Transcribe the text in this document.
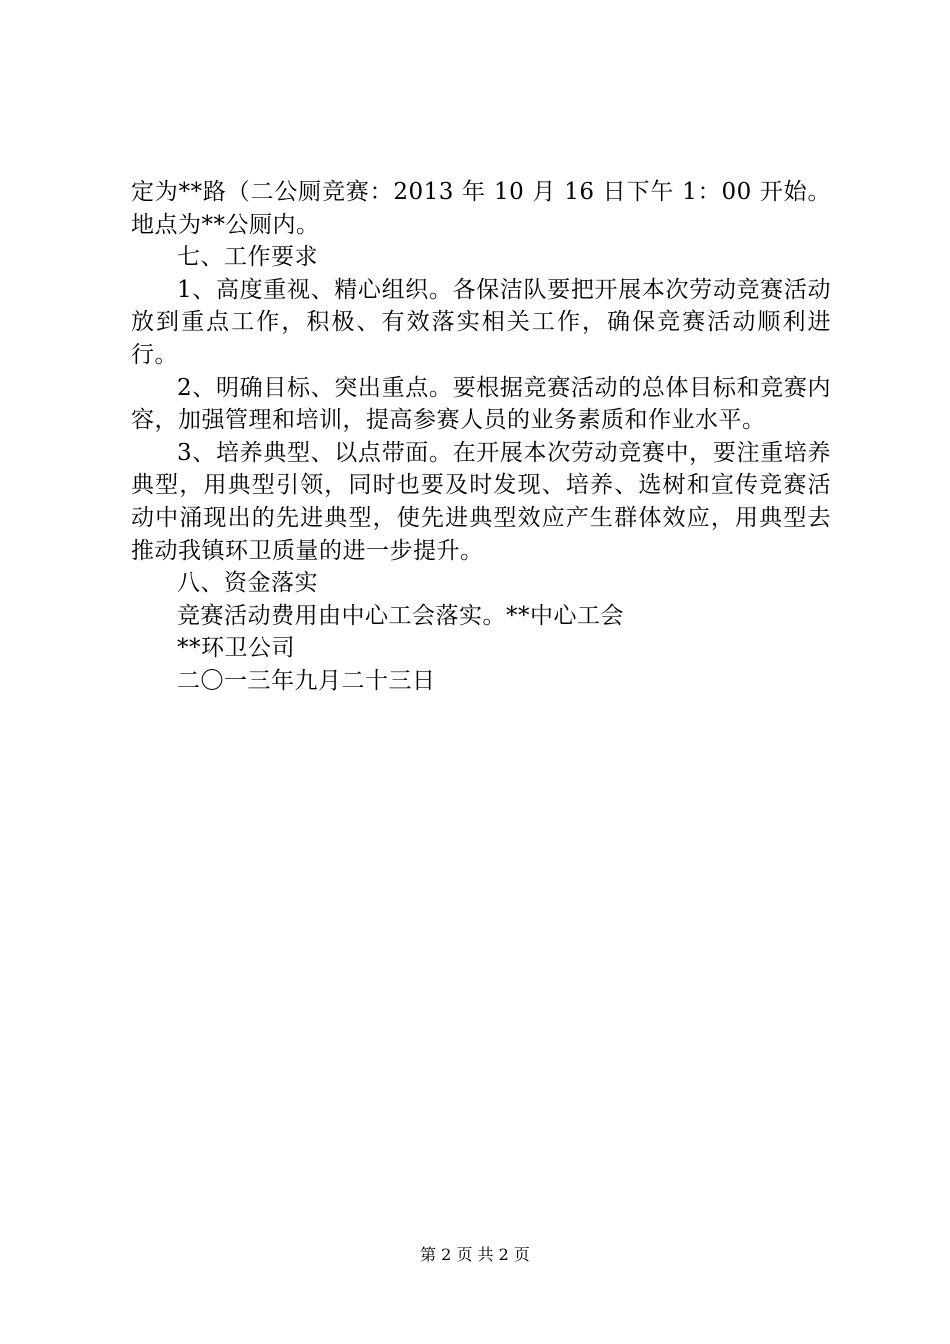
定为**路（二公厕竞赛：2013 年 10 月 16 日下午 1：00 开始。地点为**公厕内。

七、工作要求

1、高度重视、精心组织。各保洁队要把开展本次劳动竞赛活动放到重点工作，积极、有效落实相关工作，确保竞赛活动顺利进行。

2、明确目标、突出重点。要根据竞赛活动的总体目标和竞赛内容，加强管理和培训，提高参赛人员的业务素质和作业水平。

3、培养典型、以点带面。在开展本次劳动竞赛中，要注重培养典型，用典型引领，同时也要及时发现、培养、选树和宣传竞赛活动中涌现出的先进典型，使先进典型效应产生群体效应，用典型去推动我镇环卫质量的进一步提升。

八、资金落实

竞赛活动费用由中心工会落实。**中心工会

**环卫公司

二〇一三年九月二十三日

第 2 页 共 2 页
